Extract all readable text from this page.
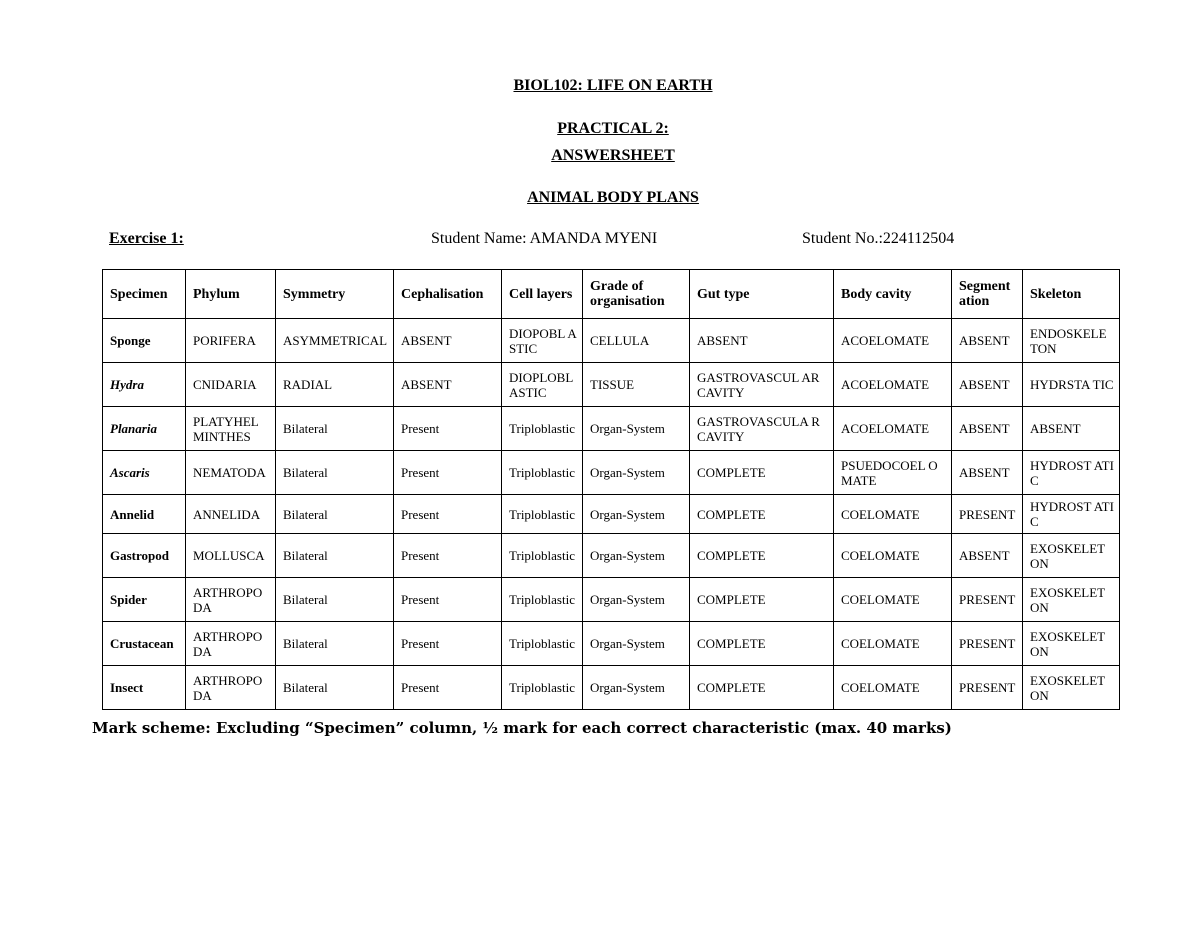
BIOL102: LIFE ON EARTH
PRACTICAL 2:
ANSWERSHEET
ANIMAL BODY PLANS
Exercise 1:	Student Name: AMANDA MYENI	Student No.:224112504
Specimen	Phylum	Symmetry	Cephalisation	Cell layers	Grade of organisation	Gut type	Body cavity	Segment ation	Skeleton
Sponge	PORIFERA	ASYMMETRICAL	ABSENT	DIOPOBL ASTIC	CELLULA	ABSENT	ACOELOMATE	ABSENT	ENDOSKELE TON
Hydra	CNIDARIA	RADIAL	ABSENT	DIOPLOBL ASTIC	TISSUE	GASTROVASCUL AR CAVITY	ACOELOMATE	ABSENT	HYDRSTA TIC
Planaria	PLATYHEL MINTHES	Bilateral	Present	Triploblastic	Organ-System	GASTROVASCULA R CAVITY	ACOELOMATE	ABSENT	ABSENT
Ascaris	NEMATODA	Bilateral	Present	Triploblastic	Organ-System	COMPLETE	PSUEDOCOEL OMATE	ABSENT	HYDROST ATIC
Annelid	ANNELIDA	Bilateral	Present	Triploblastic	Organ-System	COMPLETE	COELOMATE	PRESENT	HYDROST ATIC
Gastropod	MOLLUSCA	Bilateral	Present	Triploblastic	Organ-System	COMPLETE	COELOMATE	ABSENT	EXOSKELET ON
Spider	ARTHROPO DA	Bilateral	Present	Triploblastic	Organ-System	COMPLETE	COELOMATE	PRESENT	EXOSKELET ON
Crustacean	ARTHROPO DA	Bilateral	Present	Triploblastic	Organ-System	COMPLETE	COELOMATE	PRESENT	EXOSKELET ON
Insect	ARTHROPO DA	Bilateral	Present	Triploblastic	Organ-System	COMPLETE	COELOMATE	PRESENT	EXOSKELET ON
Mark scheme: Excluding “Specimen” column, ½ mark for each correct characteristic (max. 40 marks)
